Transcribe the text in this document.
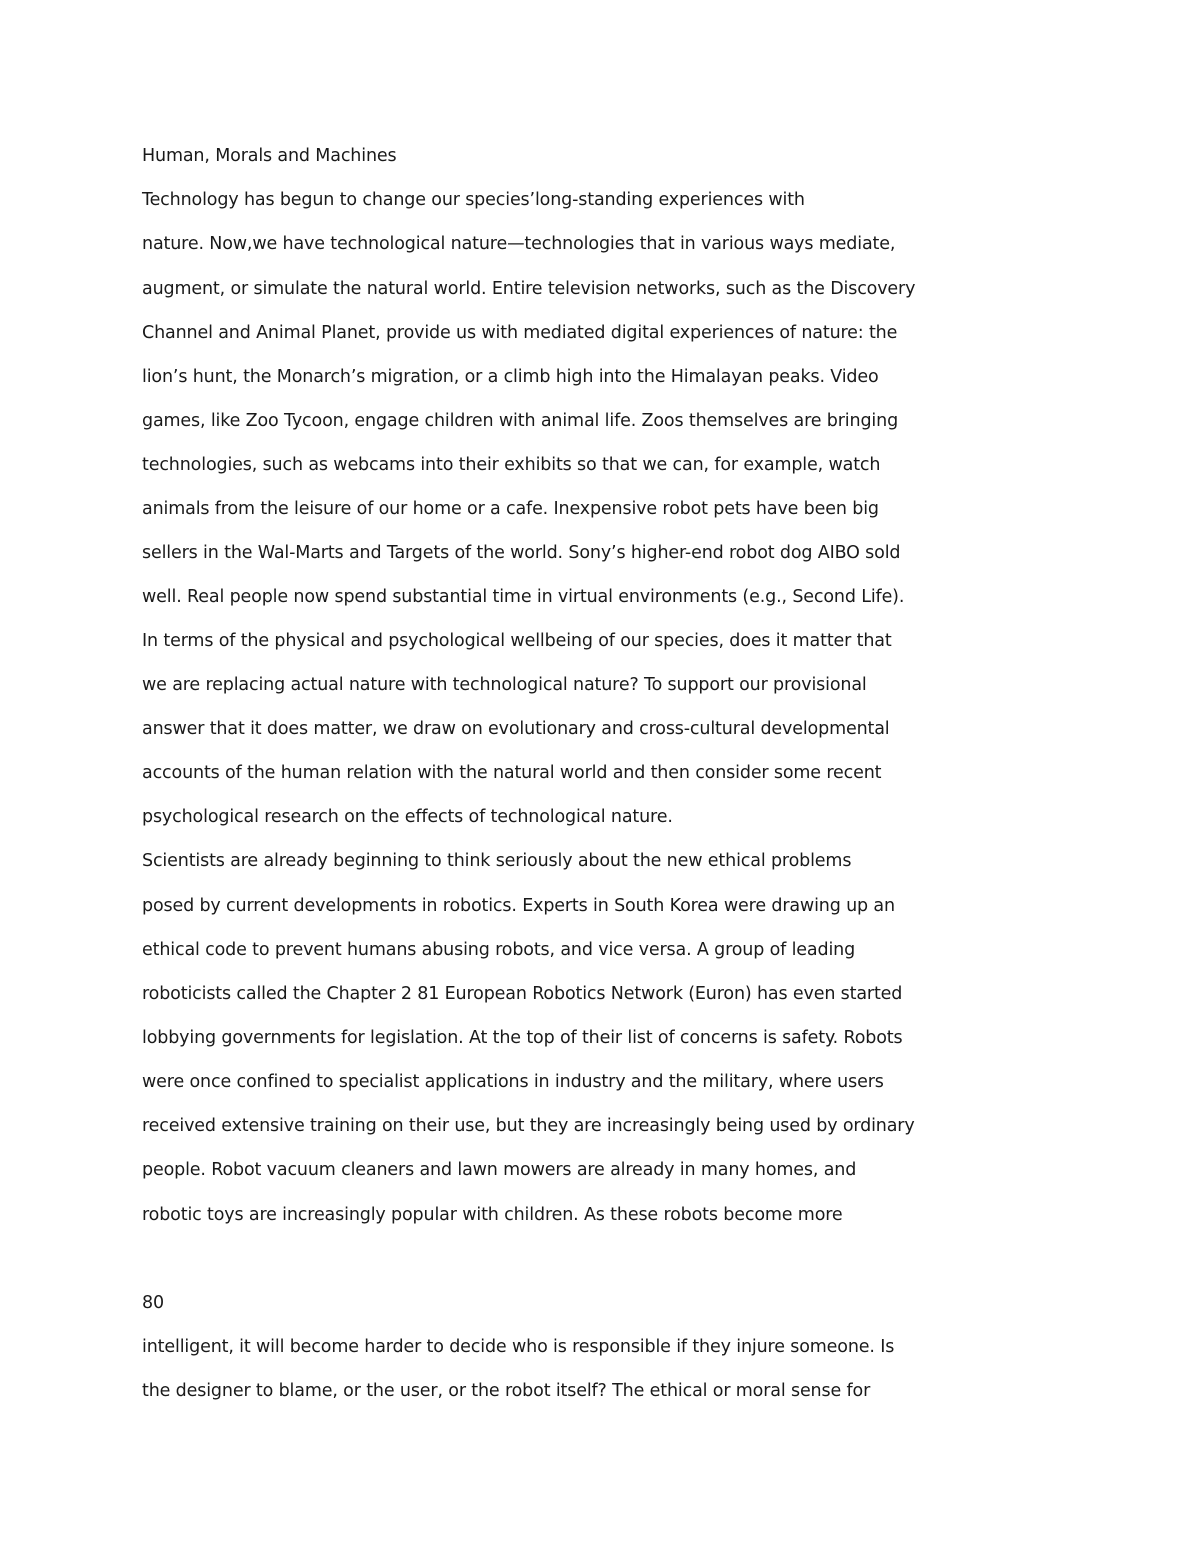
Human, Morals and Machines
Technology has begun to change our species’long-standing experiences with
nature. Now,we have technological nature—technologies that in various ways mediate,
augment, or simulate the natural world. Entire television networks, such as the Discovery
Channel and Animal Planet, provide us with mediated digital experiences of nature: the
lion’s hunt, the Monarch’s migration, or a climb high into the Himalayan peaks. Video
games, like Zoo Tycoon, engage children with animal life. Zoos themselves are bringing
technologies, such as webcams into their exhibits so that we can, for example, watch
animals from the leisure of our home or a cafe. Inexpensive robot pets have been big
sellers in the Wal-Marts and Targets of the world. Sony’s higher-end robot dog AIBO sold
well. Real people now spend substantial time in virtual environments (e.g., Second Life).
In terms of the physical and psychological wellbeing of our species, does it matter that
we are replacing actual nature with technological nature? To support our provisional
answer that it does matter, we draw on evolutionary and cross-cultural developmental
accounts of the human relation with the natural world and then consider some recent
psychological research on the effects of technological nature.
Scientists are already beginning to think seriously about the new ethical problems
posed by current developments in robotics. Experts in South Korea were drawing up an
ethical code to prevent humans abusing robots, and vice versa. A group of leading
roboticists called the Chapter 2 81 European Robotics Network (Euron) has even started
lobbying governments for legislation. At the top of their list of concerns is safety. Robots
were once confined to specialist applications in industry and the military, where users
received extensive training on their use, but they are increasingly being used by ordinary
people. Robot vacuum cleaners and lawn mowers are already in many homes, and
robotic toys are increasingly popular with children. As these robots become more
80
intelligent, it will become harder to decide who is responsible if they injure someone. Is
the designer to blame, or the user, or the robot itself? The ethical or moral sense for
